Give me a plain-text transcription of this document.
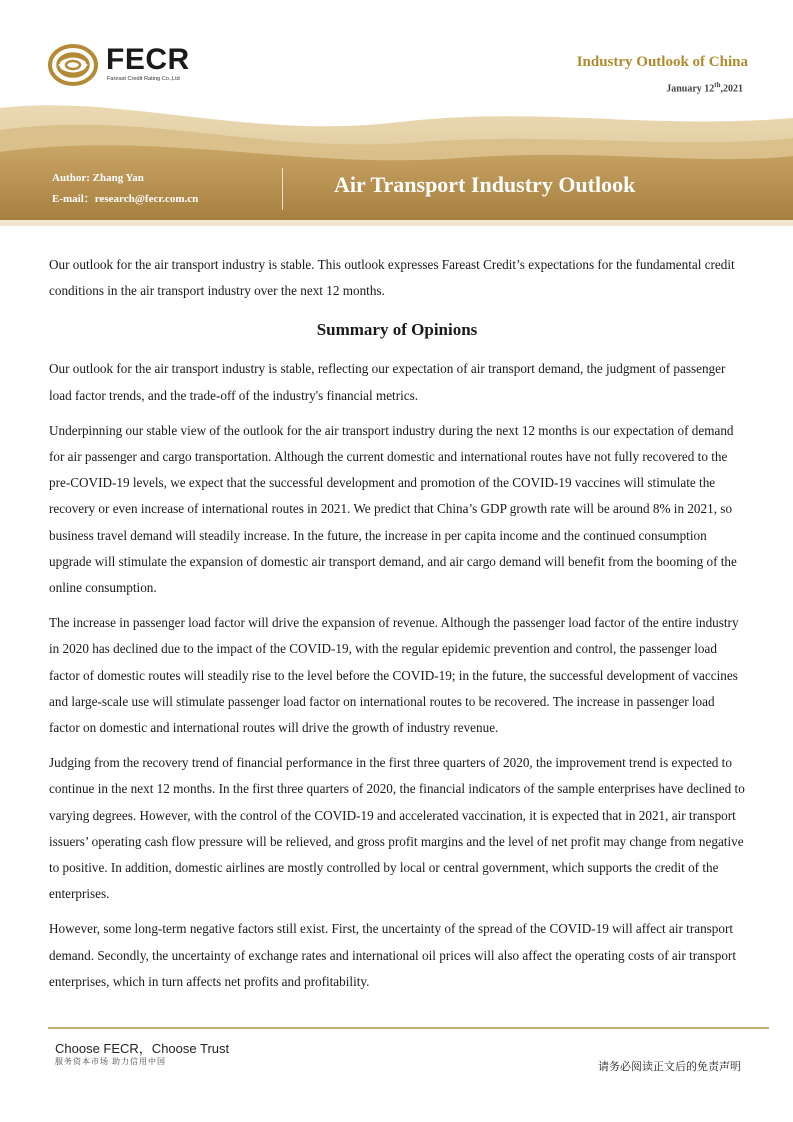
FECR
Fareast Credit Rating Co.,Ltd
Industry Outlook of China
January 12th,2021
Author: Zhang Yan
E-mail：research@fecr.com.cn
Air Transport Industry Outlook

Our outlook for the air transport industry is stable. This outlook expresses Fareast Credit’s expectations for the fundamental credit conditions in the air transport industry over the next 12 months.

Summary of Opinions

Our outlook for the air transport industry is stable, reflecting our expectation of air transport demand, the judgment of passenger load factor trends, and the trade-off of the industry's financial metrics.

Underpinning our stable view of the outlook for the air transport industry during the next 12 months is our expectation of demand for air passenger and cargo transportation. Although the current domestic and international routes have not fully recovered to the pre-COVID-19 levels, we expect that the successful development and promotion of the COVID-19 vaccines will stimulate the recovery or even increase of international routes in 2021. We predict that China’s GDP growth rate will be around 8% in 2021, so business travel demand will steadily increase. In the future, the increase in per capita income and the continued consumption upgrade will stimulate the expansion of domestic air transport demand, and air cargo demand will benefit from the booming of the online consumption.

The increase in passenger load factor will drive the expansion of revenue. Although the passenger load factor of the entire industry in 2020 has declined due to the impact of the COVID-19, with the regular epidemic prevention and control, the passenger load factor of domestic routes will steadily rise to the level before the COVID-19; in the future, the successful development of vaccines and large-scale use will stimulate passenger load factor on international routes to be recovered. The increase in passenger load factor on domestic and international routes will drive the growth of industry revenue.

Judging from the recovery trend of financial performance in the first three quarters of 2020, the improvement trend is expected to continue in the next 12 months. In the first three quarters of 2020, the financial indicators of the sample enterprises have declined to varying degrees. However, with the control of the COVID-19 and accelerated vaccination, it is expected that in 2021, air transport issuers’ operating cash flow pressure will be relieved, and gross profit margins and the level of net profit may change from negative to positive. In addition, domestic airlines are mostly controlled by local or central government, which supports the credit of the enterprises.

However, some long-term negative factors still exist. First, the uncertainty of the spread of the COVID-19 will affect air transport demand. Secondly, the uncertainty of exchange rates and international oil prices will also affect the operating costs of air transport enterprises, which in turn affects net profits and profitability.

Choose FECR，Choose Trust
服务资本市场 助力信用中国	请务必阅读正文后的免责声明
